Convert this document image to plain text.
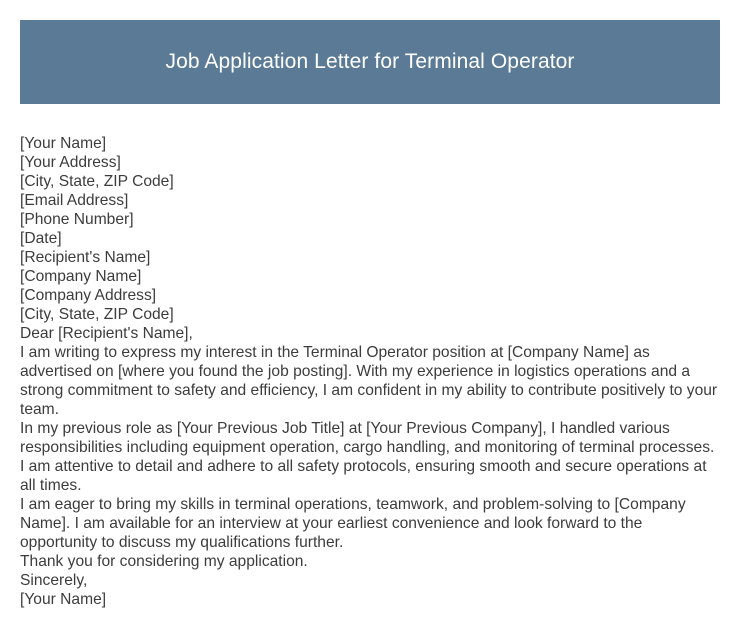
Job Application Letter for Terminal Operator
[Your Name]
[Your Address]
[City, State, ZIP Code]
[Email Address]
[Phone Number]
[Date]
[Recipient's Name]
[Company Name]
[Company Address]
[City, State, ZIP Code]
Dear [Recipient's Name],
I am writing to express my interest in the Terminal Operator position at [Company Name] as advertised on [where you found the job posting]. With my experience in logistics operations and a strong commitment to safety and efficiency, I am confident in my ability to contribute positively to your team.
In my previous role as [Your Previous Job Title] at [Your Previous Company], I handled various responsibilities including equipment operation, cargo handling, and monitoring of terminal processes. I am attentive to detail and adhere to all safety protocols, ensuring smooth and secure operations at all times.
I am eager to bring my skills in terminal operations, teamwork, and problem-solving to [Company Name]. I am available for an interview at your earliest convenience and look forward to the opportunity to discuss my qualifications further.
Thank you for considering my application.
Sincerely,
[Your Name]
